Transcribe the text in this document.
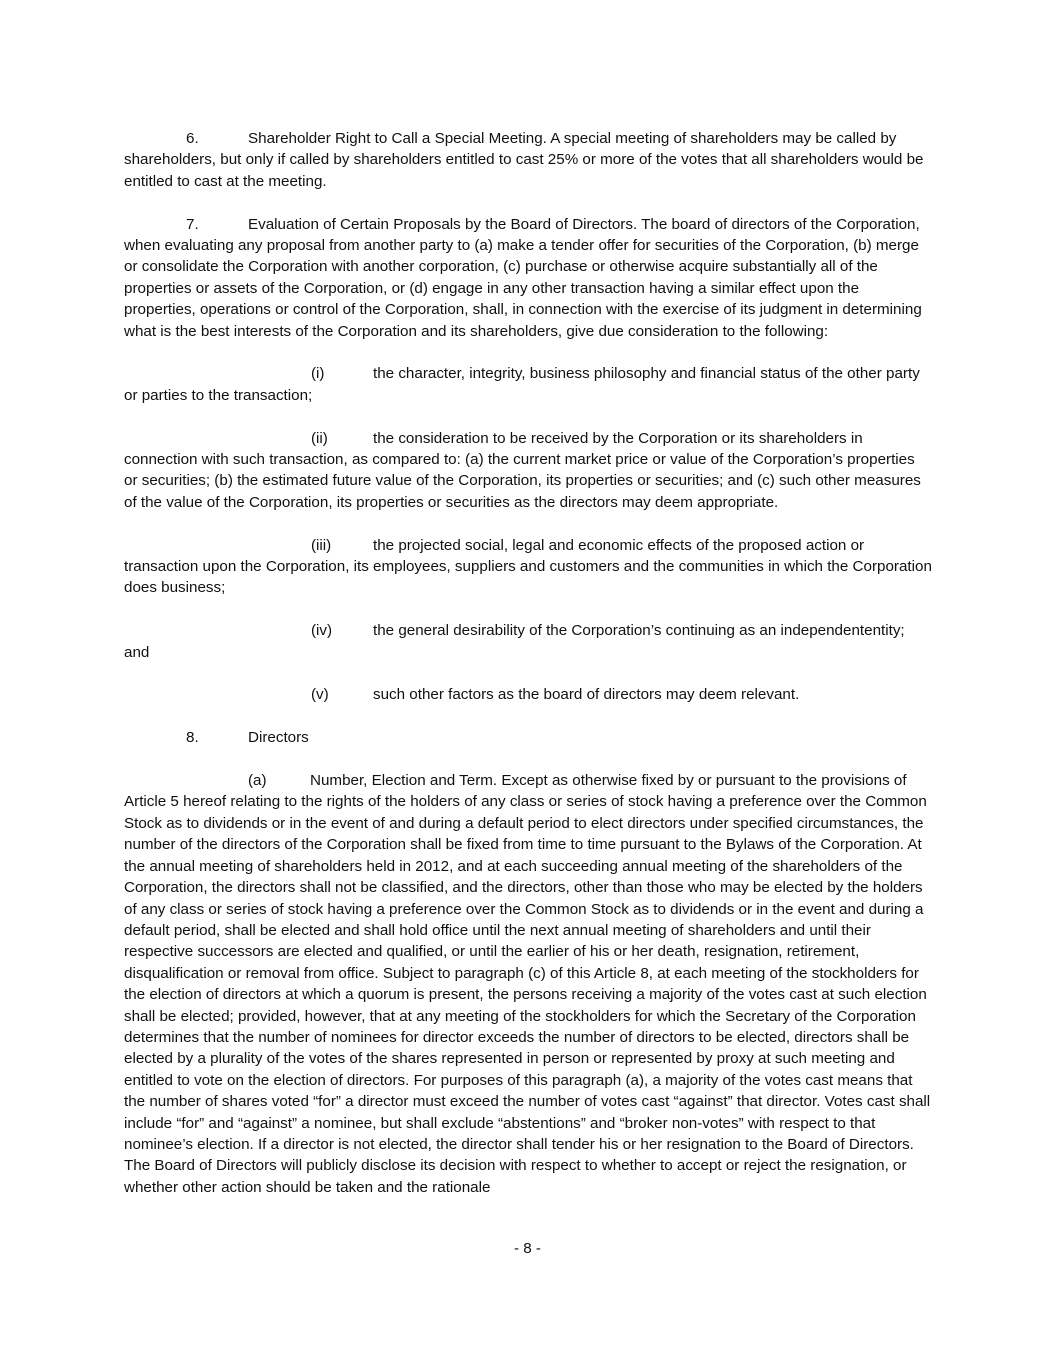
6.	Shareholder Right to Call a Special Meeting. A special meeting of shareholders may be called by shareholders, but only if called by shareholders entitled to cast 25% or more of the votes that all shareholders would be entitled to cast at the meeting.

7.	Evaluation of Certain Proposals by the Board of Directors. The board of directors of the Corporation, when evaluating any proposal from another party to (a) make a tender offer for securities of the Corporation, (b) merge or consolidate the Corporation with another corporation, (c) purchase or otherwise acquire substantially all of the properties or assets of the Corporation, or (d) engage in any other transaction having a similar effect upon the properties, operations or control of the Corporation, shall, in connection with the exercise of its judgment in determining what is the best interests of the Corporation and its shareholders, give due consideration to the following:

(i)	the character, integrity, business philosophy and financial status of the other party or parties to the transaction;

(ii)	the consideration to be received by the Corporation or its shareholders in connection with such transaction, as compared to: (a) the current market price or value of the Corporation’s properties or securities; (b) the estimated future value of the Corporation, its properties or securities; and (c) such other measures of the value of the Corporation, its properties or securities as the directors may deem appropriate.

(iii)	the projected social, legal and economic effects of the proposed action or transaction upon the Corporation, its employees, suppliers and customers and the communities in which the Corporation does business;

(iv)	the general desirability of the Corporation’s continuing as an independententity;
and

(v)	such other factors as the board of directors may deem relevant.

8.	Directors

(a)	Number, Election and Term. Except as otherwise fixed by or pursuant to the provisions of Article 5 hereof relating to the rights of the holders of any class or series of stock having a preference over the Common Stock as to dividends or in the event of and during a default period to elect directors under specified circumstances, the number of the directors of the Corporation shall be fixed from time to time pursuant to the Bylaws of the Corporation. At the annual meeting of shareholders held in 2012, and at each succeeding annual meeting of the shareholders of the Corporation, the directors shall not be classified, and the directors, other than those who may be elected by the holders of any class or series of stock having a preference over the Common Stock as to dividends or in the event and during a default period, shall be elected and shall hold office until the next annual meeting of shareholders and until their respective successors are elected and qualified, or until the earlier of his or her death, resignation, retirement, disqualification or removal from office. Subject to paragraph (c) of this Article 8, at each meeting of the stockholders for the election of directors at which a quorum is present, the persons receiving a majority of the votes cast at such election shall be elected; provided, however, that at any meeting of the stockholders for which the Secretary of the Corporation determines that the number of nominees for director exceeds the number of directors to be elected, directors shall be elected by a plurality of the votes of the shares represented in person or represented by proxy at such meeting and entitled to vote on the election of directors. For purposes of this paragraph (a), a majority of the votes cast means that the number of shares voted “for” a director must exceed the number of votes cast “against” that director. Votes cast shall include “for” and “against” a nominee, but shall exclude “abstentions” and “broker non-votes” with respect to that nominee’s election. If a director is not elected, the director shall tender his or her resignation to the Board of Directors. The Board of Directors will publicly disclose its decision with respect to whether to accept or reject the resignation, or whether other action should be taken and the rationale

- 8 -
